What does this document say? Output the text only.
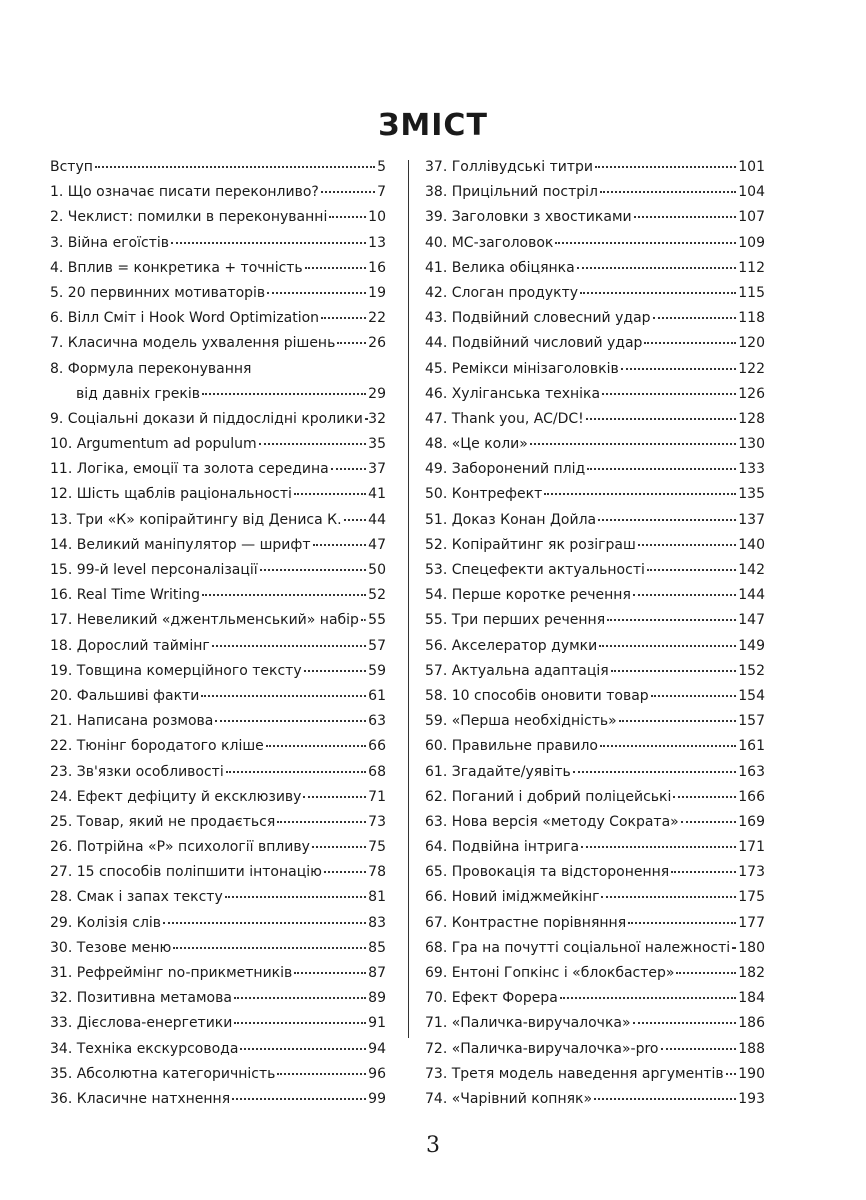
ЗМІСТ
Вступ	5
1. Що означає писати переконливо?	7
2. Чеклист: помилки в переконуванні	10
3. Війна егоїстів	13
4. Вплив = конкретика + точність	16
5. 20 первинних мотиваторів	19
6. Вілл Сміт і Hook Word Optimization	22
7. Класична модель ухвалення рішень 26
8. Формула переконування
від давніх греків	29
9. Соціальні докази й піддослідні кролики 32
10. Argumentum ad populum	35
11. Логіка, емоції та золота середина	37
12. Шість щаблів раціональності	41
13. Три «К» копірайтингу від Дениса К. 44
14. Великий маніпулятор — шрифт	47
15. 99-й level персоналізації	50
16. Real Time Writing	52
17. Невеликий «джентльменський» набір 55
18. Дорослий таймінг	57
19. Товщина комерційного тексту	59
20. Фальшиві факти	61
21. Написана розмова	63
22. Тюнінг бородатого кліше	66
23. Зв'язки особливості	68
24. Ефект дефіциту й ексклюзиву	71
25. Товар, який не продається	73
26. Потрійна «Р» психології впливу	75
27. 15 способів поліпшити інтонацію	78
28. Смак і запах тексту	81
29. Колізія слів	83
30. Тезове меню	85
31. Рефреймінг no-прикметників	87
32. Позитивна метамова	89
33. Дієслова-енергетики	91
34. Техніка екскурсовода	94
35. Абсолютна категоричність	96
36. Класичне натхнення	99
37. Голлівудські титри	101
38. Прицільний постріл	104
39. Заголовки з хвостиками	107
40. MC-заголовок	109
41. Велика обіцянка	112
42. Слоган продукту	115
43. Подвійний словесний удар	118
44. Подвійний числовий удар	120
45. Ремікси мінізаголовків	122
46. Хуліганська техніка	126
47. Thank you, AC/DC!	128
48. «Це коли»	130
49. Заборонений плід	133
50. Контрефект	135
51. Доказ Конан Дойла	137
52. Копірайтинг як розіграш	140
53. Спецефекти актуальності	142
54. Перше коротке речення	144
55. Три перших речення	147
56. Акселератор думки	149
57. Актуальна адаптація	152
58. 10 способів оновити товар	154
59. «Перша необхідність»	157
60. Правильне правило	161
61. Згадайте/уявіть	163
62. Поганий і добрий поліцейські	166
63. Нова версія «методу Сократа»	169
64. Подвійна інтрига	171
65. Провокація та відсторонення	173
66. Новий іміджмейкінг	175
67. Контрастне порівняння	177
68. Гра на почутті соціальної належності 180
69. Ентоні Гопкінс і «блокбастер»	182
70. Ефект Форера	184
71. «Паличка-виручалочка»	186
72. «Паличка-виручалочка»-pro	188
73. Третя модель наведення аргументів 190
74. «Чарівний копняк»	193
3
